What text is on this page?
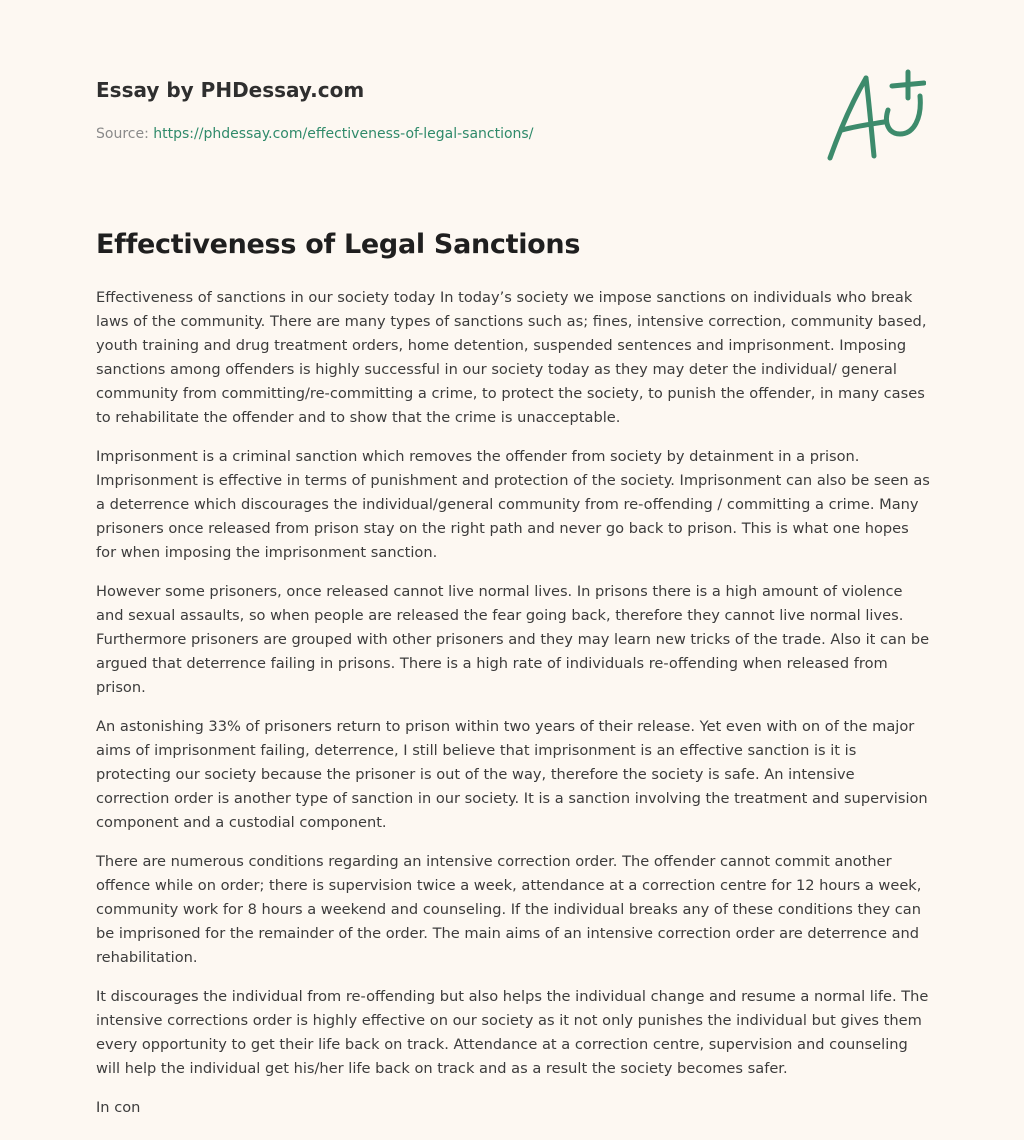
Essay by PHDessay.com
Source: https://phdessay.com/effectiveness-of-legal-sanctions/
Effectiveness of Legal Sanctions

Effectiveness of sanctions in our society today In today’s society we impose sanctions on individuals who break laws of the community. There are many types of sanctions such as; fines, intensive correction, community based, youth training and drug treatment orders, home detention, suspended sentences and imprisonment. Imposing sanctions among offenders is highly successful in our society today as they may deter the individual/ general community from committing/re-committing a crime, to protect the society, to punish the offender, in many cases to rehabilitate the offender and to show that the crime is unacceptable.

Imprisonment is a criminal sanction which removes the offender from society by detainment in a prison. Imprisonment is effective in terms of punishment and protection of the society. Imprisonment can also be seen as a deterrence which discourages the individual/general community from re-offending / committing a crime. Many prisoners once released from prison stay on the right path and never go back to prison. This is what one hopes for when imposing the imprisonment sanction.

However some prisoners, once released cannot live normal lives. In prisons there is a high amount of violence and sexual assaults, so when people are released the fear going back, therefore they cannot live normal lives. Furthermore prisoners are grouped with other prisoners and they may learn new tricks of the trade. Also it can be argued that deterrence failing in prisons. There is a high rate of individuals re-offending when released from prison.

An astonishing 33% of prisoners return to prison within two years of their release. Yet even with on of the major aims of imprisonment failing, deterrence, I still believe that imprisonment is an effective sanction is it is protecting our society because the prisoner is out of the way, therefore the society is safe. An intensive correction order is another type of sanction in our society. It is a sanction involving the treatment and supervision component and a custodial component.

There are numerous conditions regarding an intensive correction order. The offender cannot commit another offence while on order; there is supervision twice a week, attendance at a correction centre for 12 hours a week, community work for 8 hours a weekend and counseling. If the individual breaks any of these conditions they can be imprisoned for the remainder of the order. The main aims of an intensive correction order are deterrence and rehabilitation.

It discourages the individual from re-offending but also helps the individual change and resume a normal life. The intensive corrections order is highly effective on our society as it not only punishes the individual but gives them every opportunity to get their life back on track. Attendance at a correction centre, supervision and counseling will help the individual get his/her life back on track and as a result the society becomes safer.

In con
